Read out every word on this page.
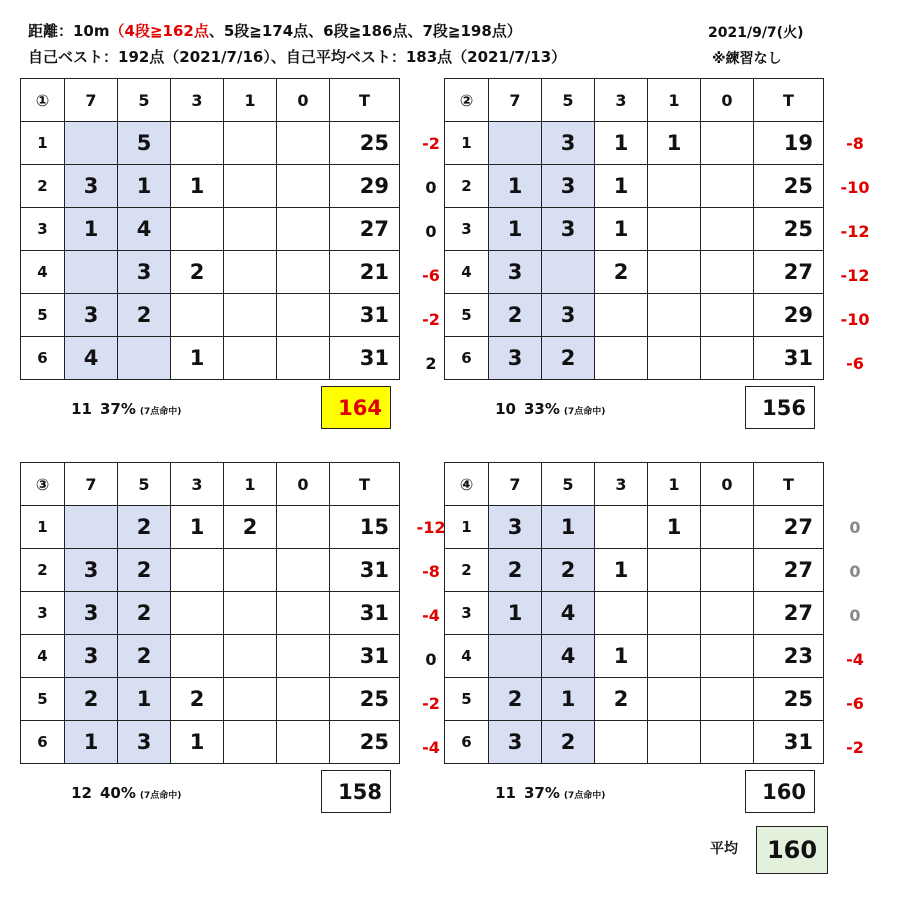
距離：10m（4段≧162点、5段≧174点、6段≧186点、7段≧198点）
自己ベスト：192点（2021/7/16）、自己平均ベスト：183点（2021/7/13）
2021/9/7(火)
※練習なし
①	7	5	3	1	0	T
1		5				25
2	3	1	1			29
3	1	4				27
4		3	2			21
5	3	2				31
6	4		1			31
-2
0
0
-6
-2
2
11 37% (7点命中)	164
②	7	5	3	1	0	T
1		3	1	1		19
2	1	3	1			25
3	1	3	1			25
4	3		2			27
5	2	3				29
6	3	2				31
-8
-10
-12
-12
-10
-6
10 33% (7点命中)	156
③	7	5	3	1	0	T
1		2	1	2		15
2	3	2				31
3	3	2				31
4	3	2				31
5	2	1	2			25
6	1	3	1			25
-12
-8
-4
0
-2
-4
12 40% (7点命中)	158
④	7	5	3	1	0	T
1	3	1		1		27
2	2	2	1			27
3	1	4				27
4		4	1			23
5	2	1	2			25
6	3	2				31
0
0
0
-4
-6
-2
11 37% (7点命中)	160
平均	160
